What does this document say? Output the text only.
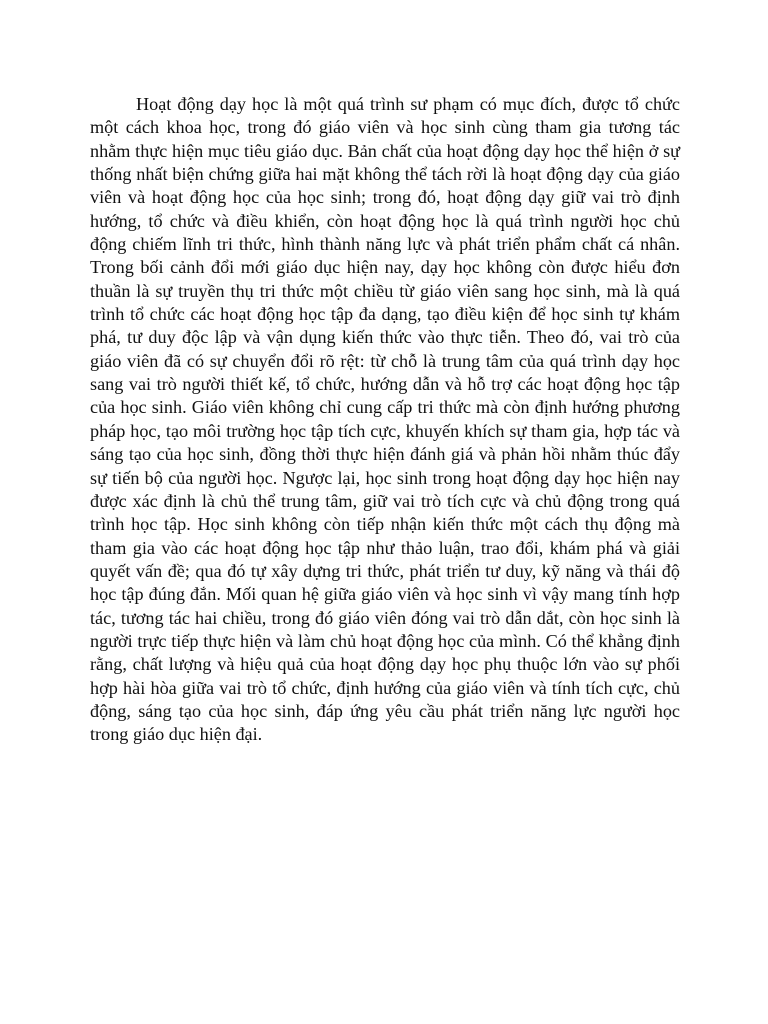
Hoạt động dạy học là một quá trình sư phạm có mục đích, được tổ chức một cách khoa học, trong đó giáo viên và học sinh cùng tham gia tương tác nhằm thực hiện mục tiêu giáo dục. Bản chất của hoạt động dạy học thể hiện ở sự thống nhất biện chứng giữa hai mặt không thể tách rời là hoạt động dạy của giáo viên và hoạt động học của học sinh; trong đó, hoạt động dạy giữ vai trò định hướng, tổ chức và điều khiển, còn hoạt động học là quá trình người học chủ động chiếm lĩnh tri thức, hình thành năng lực và phát triển phẩm chất cá nhân. Trong bối cảnh đổi mới giáo dục hiện nay, dạy học không còn được hiểu đơn thuần là sự truyền thụ tri thức một chiều từ giáo viên sang học sinh, mà là quá trình tổ chức các hoạt động học tập đa dạng, tạo điều kiện để học sinh tự khám phá, tư duy độc lập và vận dụng kiến thức vào thực tiễn. Theo đó, vai trò của giáo viên đã có sự chuyển đổi rõ rệt: từ chỗ là trung tâm của quá trình dạy học sang vai trò người thiết kế, tổ chức, hướng dẫn và hỗ trợ các hoạt động học tập của học sinh. Giáo viên không chỉ cung cấp tri thức mà còn định hướng phương pháp học, tạo môi trường học tập tích cực, khuyến khích sự tham gia, hợp tác và sáng tạo của học sinh, đồng thời thực hiện đánh giá và phản hồi nhằm thúc đẩy sự tiến bộ của người học. Ngược lại, học sinh trong hoạt động dạy học hiện nay được xác định là chủ thể trung tâm, giữ vai trò tích cực và chủ động trong quá trình học tập. Học sinh không còn tiếp nhận kiến thức một cách thụ động mà tham gia vào các hoạt động học tập như thảo luận, trao đổi, khám phá và giải quyết vấn đề; qua đó tự xây dựng tri thức, phát triển tư duy, kỹ năng và thái độ học tập đúng đắn. Mối quan hệ giữa giáo viên và học sinh vì vậy mang tính hợp tác, tương tác hai chiều, trong đó giáo viên đóng vai trò dẫn dắt, còn học sinh là người trực tiếp thực hiện và làm chủ hoạt động học của mình. Có thể khẳng định rằng, chất lượng và hiệu quả của hoạt động dạy học phụ thuộc lớn vào sự phối hợp hài hòa giữa vai trò tổ chức, định hướng của giáo viên và tính tích cực, chủ động, sáng tạo của học sinh, đáp ứng yêu cầu phát triển năng lực người học trong giáo dục hiện đại.
